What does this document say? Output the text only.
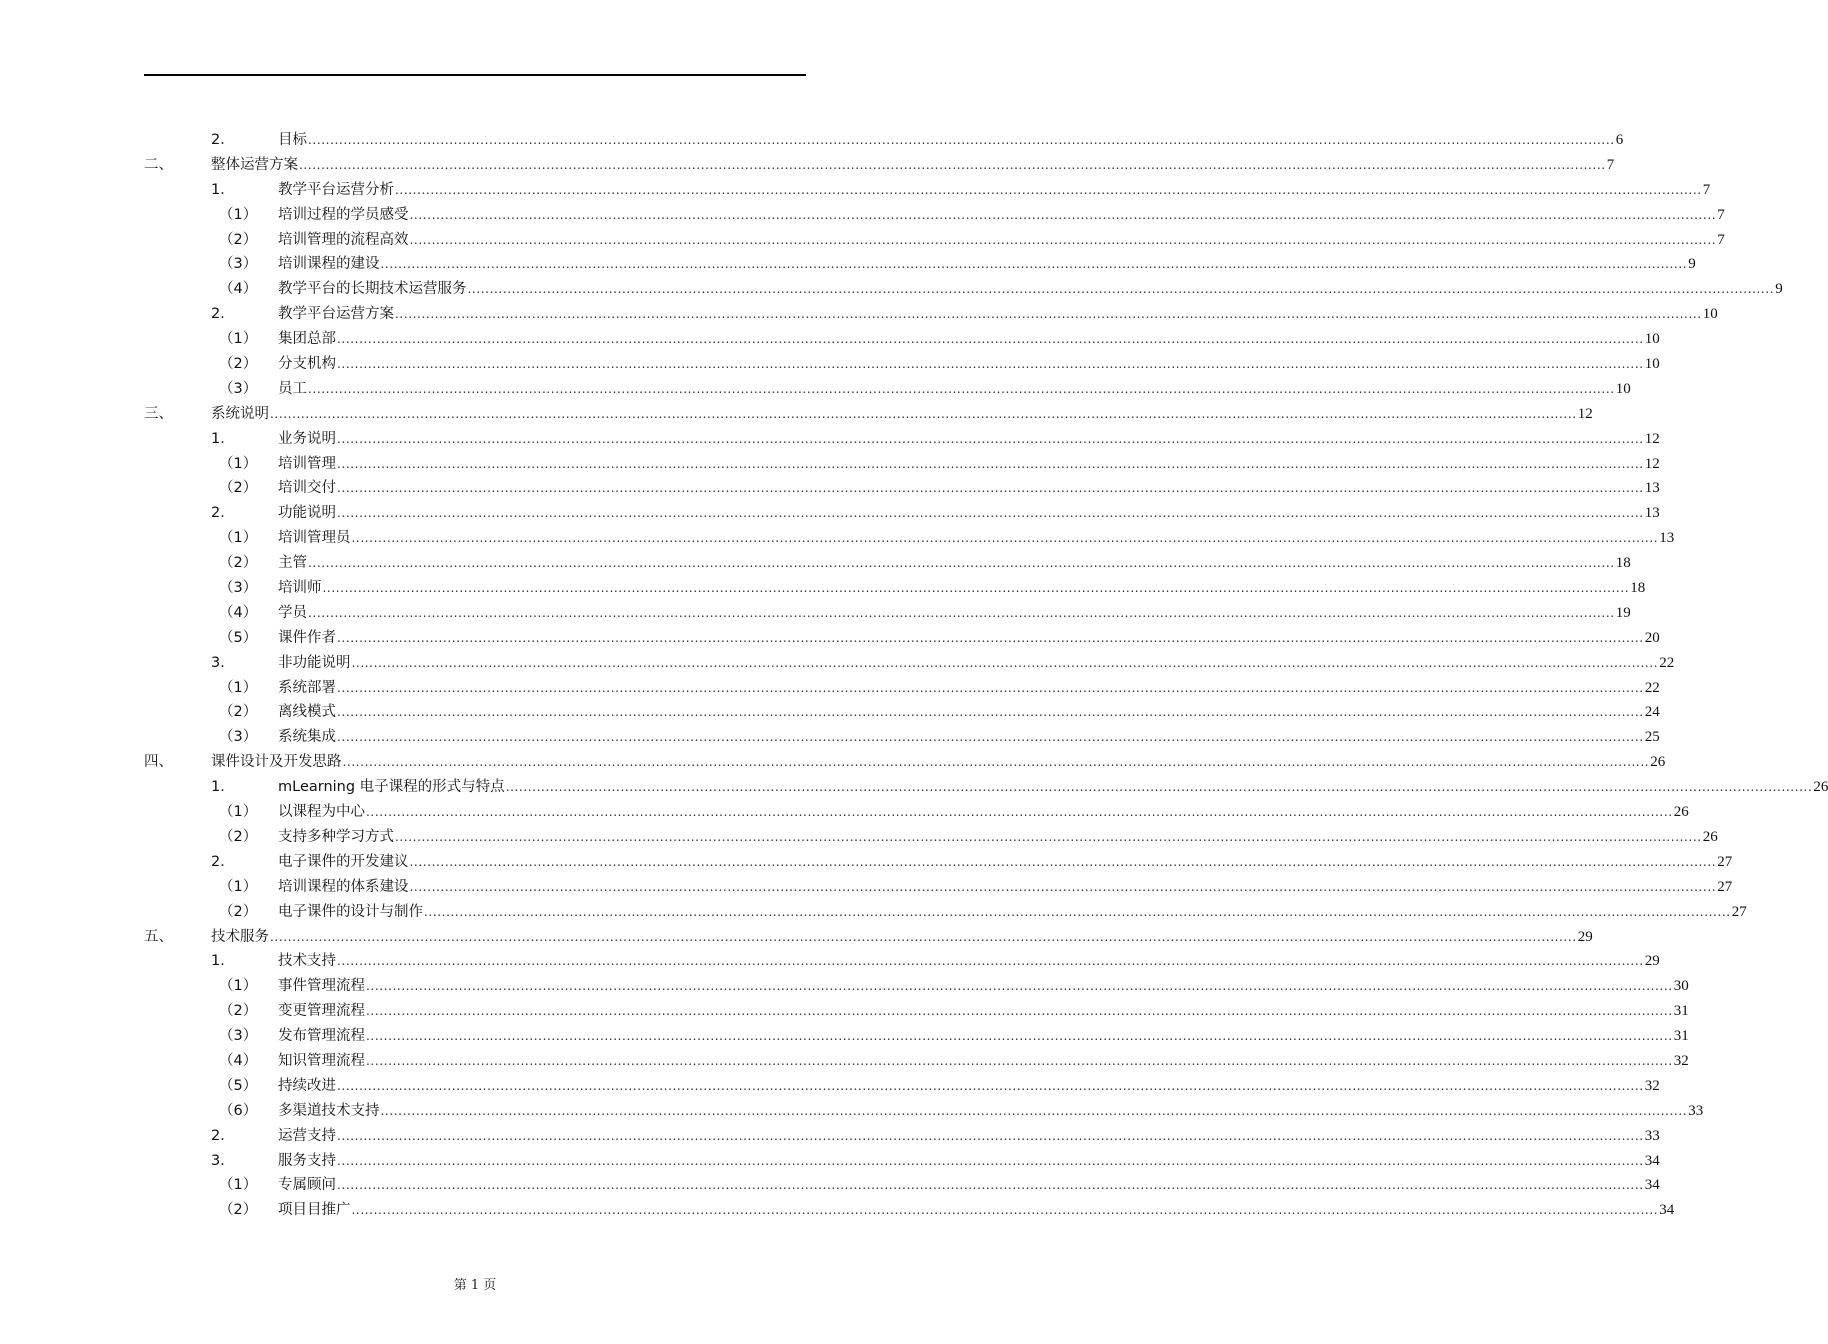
2．	目标 ........................................................................................................................................................................................................................................................................................................ 6
二、	整体运营方案 ........................................................................................................................................................................................................................................................................................................ 7
1．	教学平台运营分析 ........................................................................................................................................................................................................................................................................................................ 7
（1） 培训过程的学员感受 ........................................................................................................................................................................................................................................................................................................ 7
（2） 培训管理的流程高效 ........................................................................................................................................................................................................................................................................................................ 7
（3） 培训课程的建设 ........................................................................................................................................................................................................................................................................................................ 9
（4） 教学平台的长期技术运营服务 ........................................................................................................................................................................................................................................................................................................ 9
2．	教学平台运营方案 ........................................................................................................................................................................................................................................................................................................ 10
（1） 集团总部 ........................................................................................................................................................................................................................................................................................................ 10
（2） 分支机构 ........................................................................................................................................................................................................................................................................................................ 10
（3） 员工 ........................................................................................................................................................................................................................................................................................................ 10
三、	系统说明 ........................................................................................................................................................................................................................................................................................................ 12
1．	业务说明 ........................................................................................................................................................................................................................................................................................................ 12
（1） 培训管理 ........................................................................................................................................................................................................................................................................................................ 12
（2） 培训交付 ........................................................................................................................................................................................................................................................................................................ 13
2．	功能说明 ........................................................................................................................................................................................................................................................................................................ 13
（1） 培训管理员 ........................................................................................................................................................................................................................................................................................................ 13
（2） 主管 ........................................................................................................................................................................................................................................................................................................ 18
（3） 培训师 ........................................................................................................................................................................................................................................................................................................ 18
（4） 学员 ........................................................................................................................................................................................................................................................................................................ 19
（5） 课件作者 ........................................................................................................................................................................................................................................................................................................ 20
3．	非功能说明 ........................................................................................................................................................................................................................................................................................................ 22
（1） 系统部署 ........................................................................................................................................................................................................................................................................................................ 22
（2） 离线模式 ........................................................................................................................................................................................................................................................................................................ 24
（3） 系统集成 ........................................................................................................................................................................................................................................................................................................ 25
四、	课件设计及开发思路 ........................................................................................................................................................................................................................................................................................................ 26
1．	mLearning 电子课程的形式与特点 ........................................................................................................................................................................................................................................................................................................ 26
（1） 以课程为中心 ........................................................................................................................................................................................................................................................................................................ 26
（2） 支持多种学习方式 ........................................................................................................................................................................................................................................................................................................ 26
2．	电子课件的开发建议 ........................................................................................................................................................................................................................................................................................................ 27
（1） 培训课程的体系建设 ........................................................................................................................................................................................................................................................................................................ 27
（2） 电子课件的设计与制作 ........................................................................................................................................................................................................................................................................................................ 27
五、	技术服务 ........................................................................................................................................................................................................................................................................................................ 29
1．	技术支持 ........................................................................................................................................................................................................................................................................................................ 29
（1） 事件管理流程 ........................................................................................................................................................................................................................................................................................................ 30
（2） 变更管理流程 ........................................................................................................................................................................................................................................................................................................ 31
（3） 发布管理流程 ........................................................................................................................................................................................................................................................................................................ 31
（4） 知识管理流程 ........................................................................................................................................................................................................................................................................................................ 32
（5） 持续改进 ........................................................................................................................................................................................................................................................................................................ 32
（6） 多渠道技术支持 ........................................................................................................................................................................................................................................................................................................ 33
2．	运营支持 ........................................................................................................................................................................................................................................................................................................ 33
3．	服务支持 ........................................................................................................................................................................................................................................................................................................ 34
（1） 专属顾问 ........................................................................................................................................................................................................................................................................................................ 34
（2） 项目目推广 ........................................................................................................................................................................................................................................................................................................ 34
第 1 页
